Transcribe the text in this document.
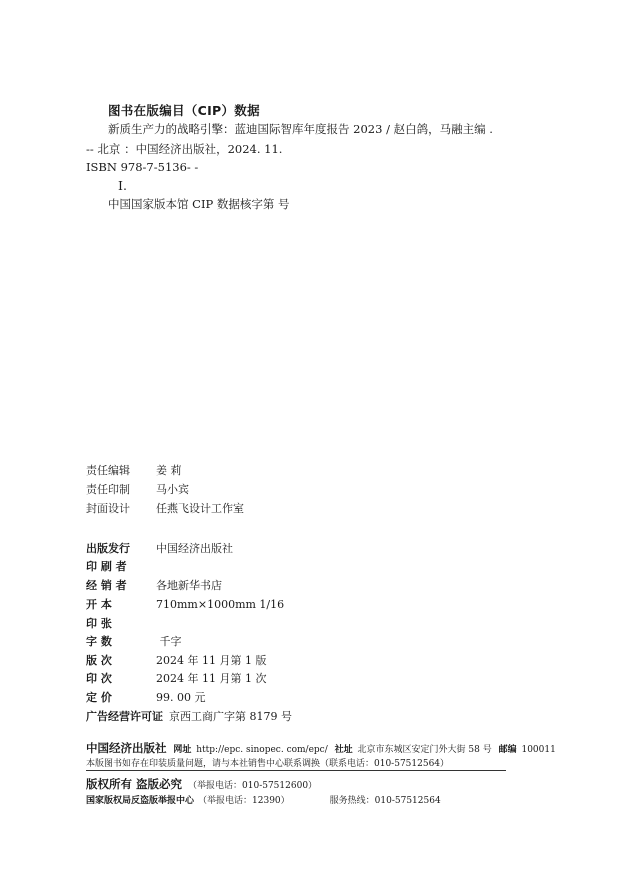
图书在版编目（CIP）数据
新质生产力的战略引擎：蓝迪国际智库年度报告 2023 / 赵白鸽，马融主编 .
-- 北京 ：中国经济出版社，2024. 11.
ISBN 978-7-5136- -
Ⅰ.
中国国家版本馆 CIP 数据核字第 号
责任编辑 姜 莉
责任印制 马小宾
封面设计 任燕飞设计工作室
出版发行 中国经济出版社
印 刷 者
经 销 者	各地新华书店
开 本	710mm×1000mm 1/16
印 张
字 数	千字
版 次	2024 年 11 月第 1 版
印 次	2024 年 11 月第 1 次
定 价	99. 00 元
广告经营许可证 京西工商广字第 8179 号
中国经济出版社 网址 http://epc. sinopec. com/epc/ 社址 北京市东城区安定门外大街 58 号 邮编 100011
本版图书如存在印装质量问题，请与本社销售中心联系调换（联系电话：010-57512564）
版权所有 盗版必究 （举报电话：010-57512600）
国家版权局反盗版举报中心 （举报电话：12390）	服务热线：010-57512564
